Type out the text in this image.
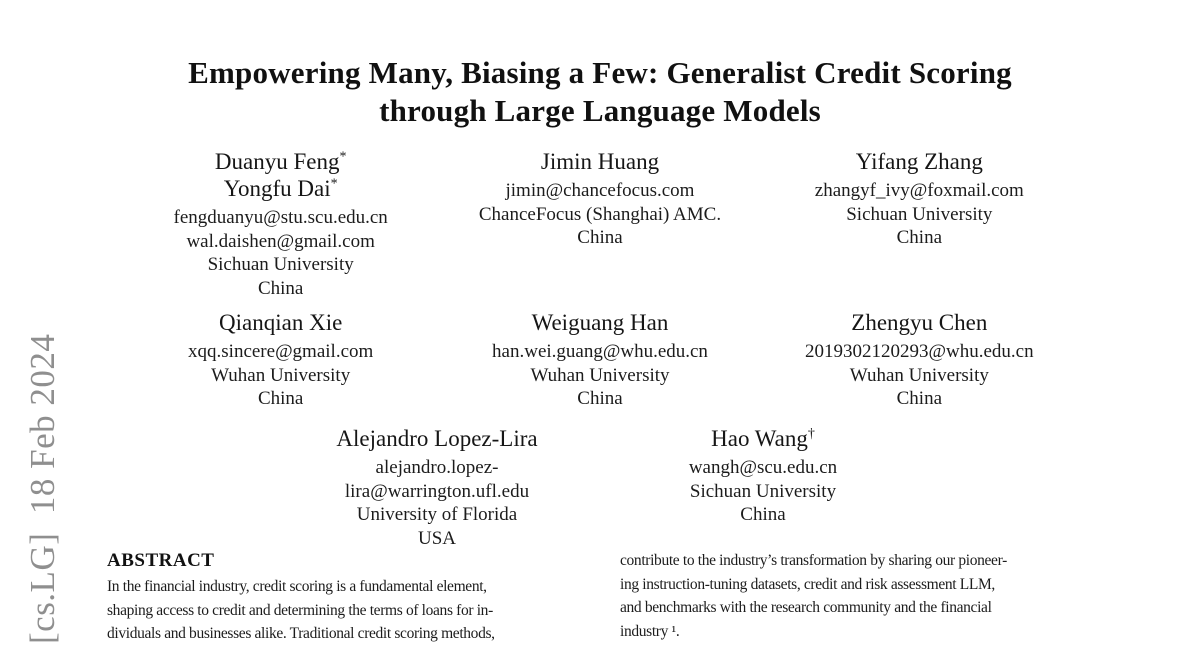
[cs.LG]  18 Feb 2024
Empowering Many, Biasing a Few: Generalist Credit Scoring
through Large Language Models
Duanyu Feng*
Yongfu Dai*
fengduanyu@stu.scu.edu.cn
wal.daishen@gmail.com
Sichuan University
China
Jimin Huang
jimin@chancefocus.com
ChanceFocus (Shanghai) AMC.
China
Yifang Zhang
zhangyf_ivy@foxmail.com
Sichuan University
China
Qianqian Xie
xqq.sincere@gmail.com
Wuhan University
China
Weiguang Han
han.wei.guang@whu.edu.cn
Wuhan University
China
Zhengyu Chen
2019302120293@whu.edu.cn
Wuhan University
China
Alejandro Lopez-Lira
alejandro.lopez-
lira@warrington.ufl.edu
University of Florida
USA
Hao Wang†
wangh@scu.edu.cn
Sichuan University
China
ABSTRACT
In the financial industry, credit scoring is a fundamental element,
shaping access to credit and determining the terms of loans for in-
dividuals and businesses alike. Traditional credit scoring methods,
contribute to the industry’s transformation by sharing our pioneer-
ing instruction-tuning datasets, credit and risk assessment LLM,
and benchmarks with the research community and the financial
industry ¹.
